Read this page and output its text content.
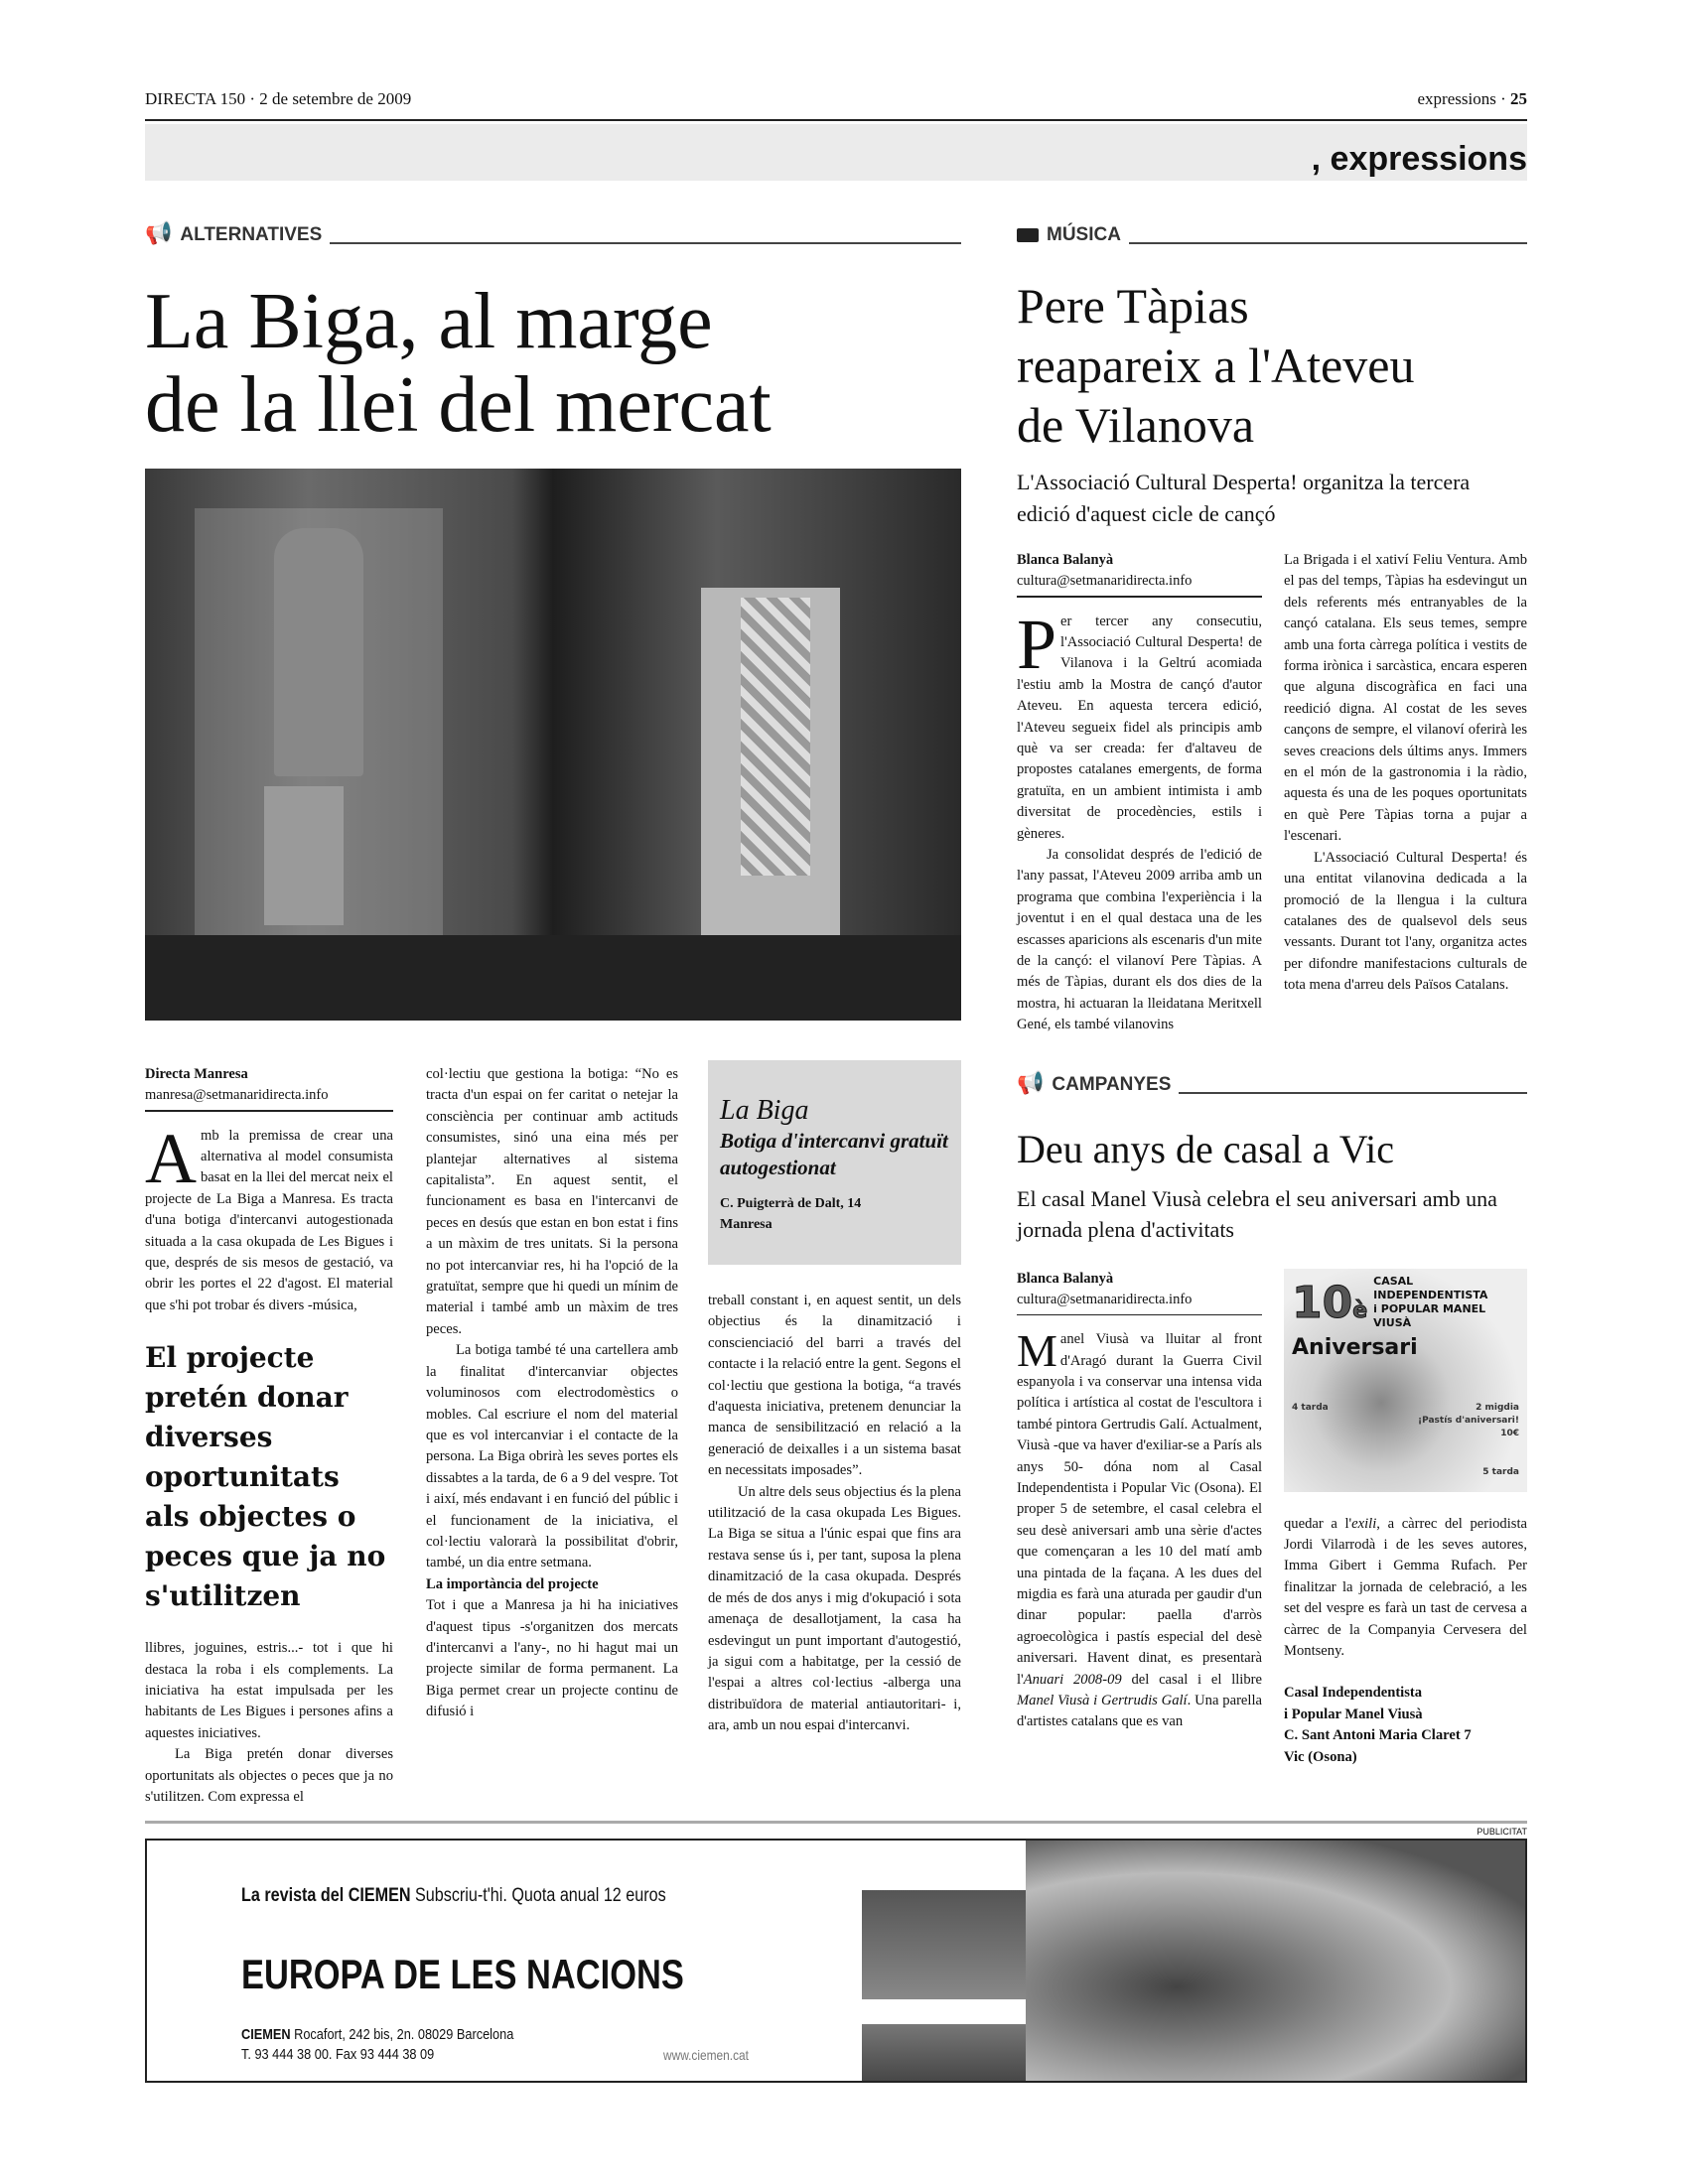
DIRECTA 150 · 2 de setembre de 2009	expressions · 25
, expressions
📢 ALTERNATIVES
La Biga, al marge
de la llei del mercat
Directa Manresa
manresa@setmanaridirecta.info

Amb la premissa de crear una alternativa al model consumista basat en la llei del mercat neix el projecte de La Biga a Manresa. Es tracta d'una botiga d'intercanvi autogestionada situada a la casa okupada de Les Bigues i que, després de sis mesos de gestació, va obrir les portes el 22 d'agost. El material que s'hi pot trobar és divers -música,

El projecte pretén donar diverses oportunitats als objectes o peces que ja no s'utilitzen

llibres, joguines, estris...- tot i que hi destaca la roba i els complements. La iniciativa ha estat impulsada per les habitants de Les Bigues i persones afins a aquestes iniciatives.

La Biga pretén donar diverses oportunitats als objectes o peces que ja no s'utilitzen. Com expressa el

col·lectiu que gestiona la botiga: “No es tracta d'un espai on fer caritat o netejar la consciència per continuar amb actituds consumistes, sinó una eina més per plantejar alternatives al sistema capitalista”. En aquest sentit, el funcionament es basa en l'intercanvi de peces en desús que estan en bon estat i fins a un màxim de tres unitats. Si la persona no pot intercanviar res, hi ha l'opció de la gratuïtat, sempre que hi quedi un mínim de material i també amb un màxim de tres peces.

La botiga també té una cartellera amb la finalitat d'intercanviar objectes voluminosos com electrodomèstics o mobles. Cal escriure el nom del material que es vol intercanviar i el contacte de la persona. La Biga obrirà les seves portes els dissabtes a la tarda, de 6 a 9 del vespre. Tot i així, més endavant i en funció del públic i el funcionament de la iniciativa, el col·lectiu valorarà la possibilitat d'obrir, també, un dia entre setmana.

La importància del projecte

Tot i que a Manresa ja hi ha iniciatives d'aquest tipus -s'organitzen dos mercats d'intercanvi a l'any-, no hi hagut mai un projecte similar de forma permanent. La Biga permet crear un projecte continu de difusió i

La Biga
Botiga d'intercanvi gratuït autogestionat
C. Puigterrà de Dalt, 14
Manresa

treball constant i, en aquest sentit, un dels objectius és la dinamització i conscienciació del barri a través del contacte i la relació entre la gent. Segons el col·lectiu que gestiona la botiga, “a través d'aquesta iniciativa, pretenem denunciar la manca de sensibilització en relació a la generació de deixalles i a un sistema basat en necessitats imposades”.

Un altre dels seus objectius és la plena utilització de la casa okupada Les Bigues. La Biga se situa a l'únic espai que fins ara restava sense ús i, per tant, suposa la plena dinamització de la casa okupada. Després de més de dos anys i mig d'okupació i sota amenaça de desallotjament, la casa ha esdevingut un punt important d'autogestió, ja sigui com a habitatge, per la cessió de l'espai a altres col·lectius -alberga una distribuïdora de material antiautoritari- i, ara, amb un nou espai d'intercanvi.

MÚSICA
Pere Tàpias
reapareix a l'Ateveu
de Vilanova
L'Associació Cultural Desperta! organitza la tercera edició d'aquest cicle de cançó
Blanca Balanyà
cultura@setmanaridirecta.info

Per tercer any consecutiu, l'Associació Cultural Desperta! de Vilanova i la Geltrú acomiada l'estiu amb la Mostra de cançó d'autor Ateveu. En aquesta tercera edició, l'Ateveu segueix fidel als principis amb què va ser creada: fer d'altaveu de propostes catalanes emergents, de forma gratuïta, en un ambient intimista i amb diversitat de procedències, estils i gèneres.

Ja consolidat després de l'edició de l'any passat, l'Ateveu 2009 arriba amb un programa que combina l'experiència i la joventut i en el qual destaca una de les escasses aparicions als escenaris d'un mite de la cançó: el vilanoví Pere Tàpias. A més de Tàpias, durant els dos dies de la mostra, hi actuaran la lleidatana Meritxell Gené, els també vilanovins

La Brigada i el xativí Feliu Ventura. Amb el pas del temps, Tàpias ha esdevingut un dels referents més entranyables de la cançó catalana. Els seus temes, sempre amb una forta càrrega política i vestits de forma irònica i sarcàstica, encara esperen que alguna discogràfica en faci una reedició digna. Al costat de les seves cançons de sempre, el vilanoví oferirà les seves creacions dels últims anys. Immers en el món de la gastronomia i la ràdio, aquesta és una de les poques oportunitats en què Pere Tàpias torna a pujar a l'escenari.

L'Associació Cultural Desperta! és una entitat vilanovina dedicada a la promoció de la llengua i la cultura catalanes des de qualsevol dels seus vessants. Durant tot l'any, organitza actes per difondre manifestacions culturals de tota mena d'arreu dels Països Catalans.

📢 CAMPANYES
Deu anys de casal a Vic
El casal Manel Viusà celebra el seu aniversari amb una jornada plena d'activitats
Blanca Balanyà
cultura@setmanaridirecta.info

Manel Viusà va lluitar al front d'Aragó durant la Guerra Civil espanyola i va conservar una intensa vida política i artística al costat de l'escultora i també pintora Gertrudis Galí. Actualment, Viusà -que va haver d'exiliar-se a París als anys 50- dóna nom al Casal Independentista i Popular Vic (Osona). El proper 5 de setembre, el casal celebra el seu desè aniversari amb una sèrie d'actes que començaran a les 10 del matí amb una pintada de la façana. A les dues del migdia es farà una aturada per gaudir d'un dinar popular: paella d'arròs agroecològica i pastís especial del desè aniversari. Havent dinat, es presentarà l'Anuari 2008-09 del casal i el llibre Manel Viusà i Gertrudis Galí. Una parella d'artistes catalans que es van

10è
CASAL INDEPENDENTISTA
i POPULAR MANEL VIUSÀ
Aniversari
4 tarda	2 migdia
¡Pastís d'aniversari!
10€
5 tarda

quedar a l'exili, a càrrec del periodista Jordi Vilarrodà i de les seves autores, Imma Gibert i Gemma Rufach. Per finalitzar la jornada de celebració, a les set del vespre es farà un tast de cervesa a càrrec de la Companyia Cervesera del Montseny.

Casal Independentista
i Popular Manel Viusà
C. Sant Antoni Maria Claret 7
Vic (Osona)

PUBLICITAT
La revista del CIEMEN Subscriu-t'hi. Quota anual 12 euros
EUROPA DE LES NACIONS
CIEMEN Rocafort, 242 bis, 2n. 08029 Barcelona
T. 93 444 38 00. Fax 93 444 38 09	www.ciemen.cat
